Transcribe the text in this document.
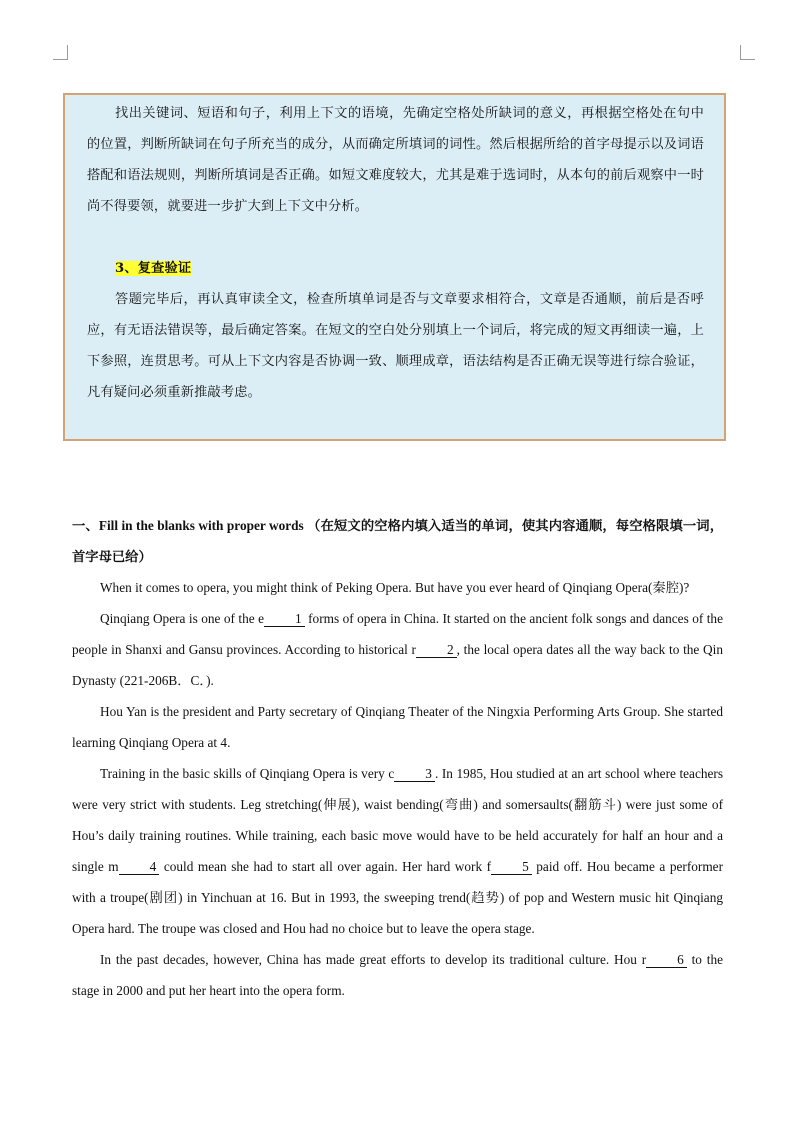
找出关键词、短语和句子，利用上下文的语境，先确定空格处所缺词的意义，再根据空格处在句中的位置，判断所缺词在句子所充当的成分，从而确定所填词的词性。然后根据所给的首字母提示以及词语搭配和语法规则，判断所填词是否正确。如短文难度较大，尤其是难于选词时，从本句的前后观察中一时尚不得要领，就要进一步扩大到上下文中分析。
3、复查验证
答题完毕后，再认真审读全文，检查所填单词是否与文章要求相符合，文章是否通顺，前后是否呼应，有无语法错误等，最后确定答案。在短文的空白处分别填上一个词后，将完成的短文再细读一遍，上下参照，连贯思考。可从上下文内容是否协调一致、顺理成章，语法结构是否正确无误等进行综合验证，凡有疑问必须重新推敲考虑。
一、Fill in the blanks with proper words （在短文的空格内填入适当的单词，使其内容通顺，每空格限填一词，首字母已给）

When it comes to opera, you might think of Peking Opera. But have you ever heard of Qinqiang Opera(秦腔)?

Qinqiang Opera is one of the e 1 forms of opera in China. It started on the ancient folk songs and dances of the people in Shanxi and Gansu provinces. According to historical r 2 , the local opera dates all the way back to the Qin Dynasty (221-206B．C．).

Hou Yan is the president and Party secretary of Qinqiang Theater of the Ningxia Performing Arts Group. She started learning Qinqiang Opera at 4.

Training in the basic skills of Qinqiang Opera is very c 3 . In 1985, Hou studied at an art school where teachers were very strict with students. Leg stretching(伸展), waist bending(弯曲) and somersaults(翻筋斗) were just some of Hou’s daily training routines. While training, each basic move would have to be held accurately for half an hour and a single m 4 could mean she had to start all over again. Her hard work f 5 paid off. Hou became a performer with a troupe(剧团) in Yinchuan at 16. But in 1993, the sweeping trend(趋势) of pop and Western music hit Qinqiang Opera hard. The troupe was closed and Hou had no choice but to leave the opera stage.

In the past decades, however, China has made great efforts to develop its traditional culture. Hou r 6 to the stage in 2000 and put her heart into the opera form.
